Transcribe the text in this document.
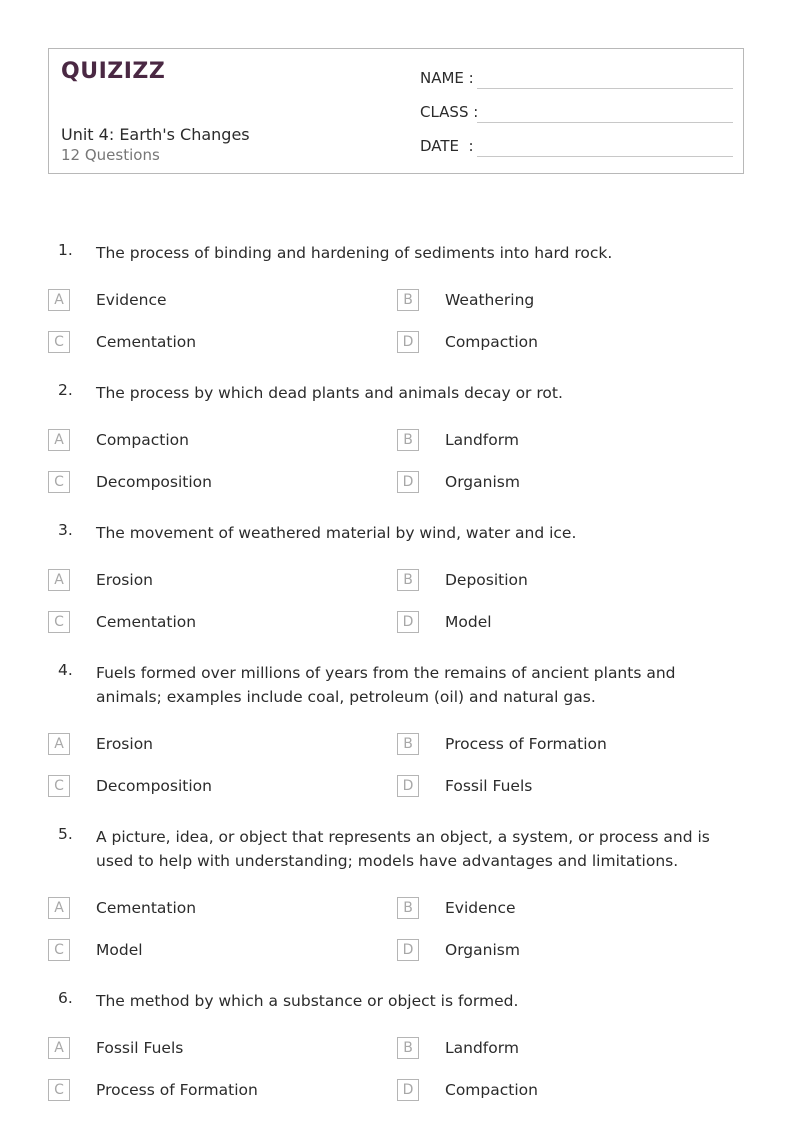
QUIZIZZ
Unit 4: Earth's Changes
12 Questions
NAME :
CLASS :
DATE  :
1. The process of binding and hardening of sediments into hard rock.
A	Evidence	B	Weathering
C	Cementation	D	Compaction
2. The process by which dead plants and animals decay or rot.
A	Compaction	B	Landform
C	Decomposition	D	Organism
3. The movement of weathered material by wind, water and ice.
A	Erosion	B	Deposition
C	Cementation	D	Model
4. Fuels formed over millions of years from the remains of ancient plants and animals; examples include coal, petroleum (oil) and natural gas.
A	Erosion	B	Process of Formation
C	Decomposition	D	Fossil Fuels
5. A picture, idea, or object that represents an object, a system, or process and is used to help with understanding; models have advantages and limitations.
A	Cementation	B	Evidence
C	Model	D	Organism
6. The method by which a substance or object is formed.
A	Fossil Fuels	B	Landform
C	Process of Formation	D	Compaction
